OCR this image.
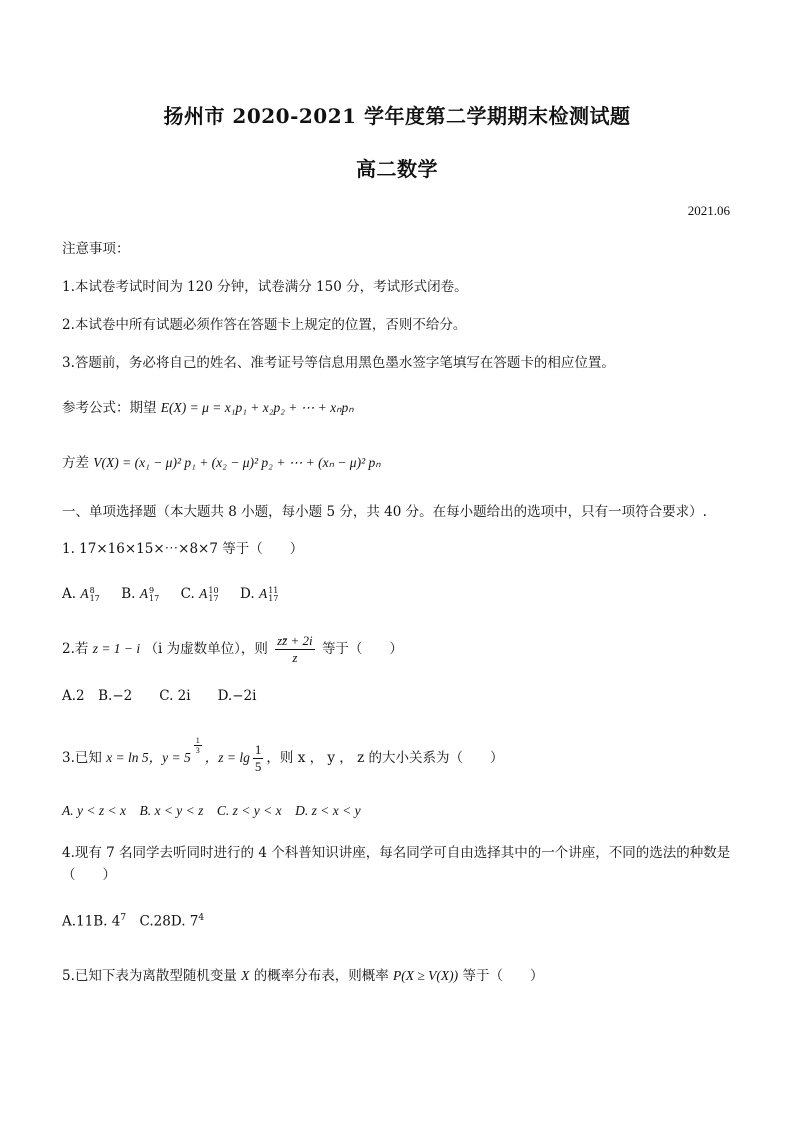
扬州市 2020-2021 学年度第二学期期末检测试题
高二数学
2021.06
注意事项：
1.本试卷考试时间为 120 分钟，试卷满分 150 分，考试形式闭卷。
2.本试卷中所有试题必须作答在答题卡上规定的位置，否则不给分。
3.答题前，务必将自己的姓名、准考证号等信息用黑色墨水签字笔填写在答题卡的相应位置。
参考公式：期望 E(X) = μ = x₁p₁ + x₂p₂ + ⋯ + xₙpₙ
方差 V(X) = (x₁ − μ)² p₁ + (x₂ − μ)² p₂ + ⋯ + (xₙ − μ)² pₙ
一、单项选择题（本大题共 8 小题，每小题 5 分，共 40 分。在每小题给出的选项中，只有一项符合要求）.
1. 17×16×15×⋯×8×7 等于（　　）
A. A 8
17 B. A 9
17 C. A 10
17 D. A 11
17
2.若 z = 1 − i （i 为虚数单位），则 $\frac{zz̄ + 2i}{z}$ 等于（　　）
A.2　B.−2　　C. 2i　　D.−2i
3.已知 x = ln 5，y = 5
$\frac{1}{3}$
，$z = \lg \frac{1}{5}$ ，则 x ， y ， z 的大小关系为（　　）
A. y < z < x　B. x < y < z　C. z < y < x　D. z < x < y
4.现有 7 名同学去听同时进行的 4 个科普知识讲座，每名同学可自由选择其中的一个讲座，不同的选法的种数是（　　）
A.11B. $4^7$　C.28D. $7^4$
5.已知下表为离散型随机变量 X 的概率分布表，则概率 P(X ≥ V(X)) 等于（　　）
